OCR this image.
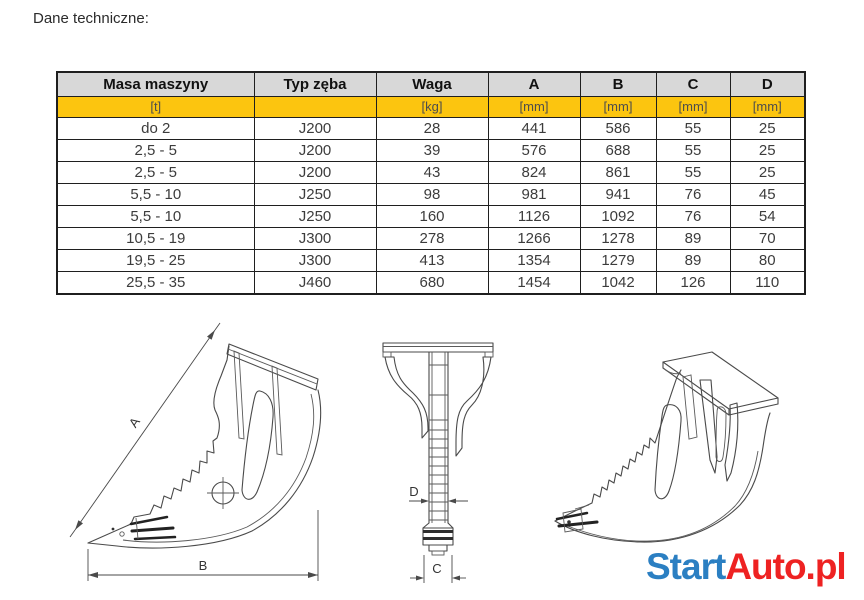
Dane techniczne:
Masa maszyny	Typ zęba	Waga	A	B	C	D
[t]		[kg]	[mm]	[mm]	[mm]	[mm]
do 2	J200	28	441	586	55	25
2,5 - 5	J200	39	576	688	55	25
2,5 - 5	J200	43	824	861	55	25
5,5 - 10	J250	98	981	941	76	45
5,5 - 10	J250	160	1126	1092	76	54
10,5 - 19	J300	278	1266	1278	89	70
19,5 - 25	J300	413	1354	1279	89	80
25,5 - 35	J460	680	1454	1042	126	110
A
B
D
C	StartAuto.pl
